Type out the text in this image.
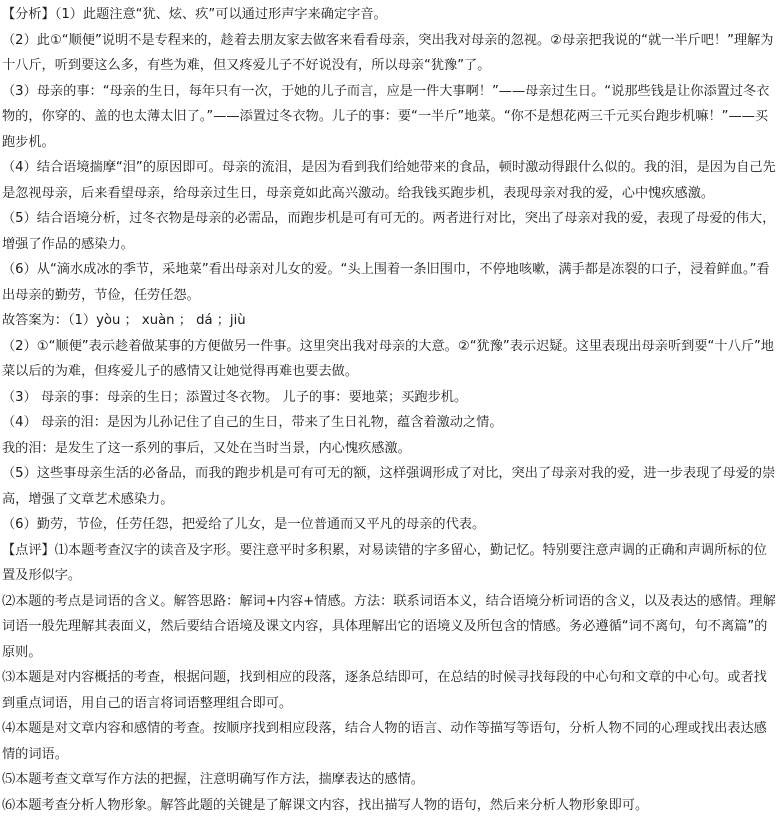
【分析】（1）此题注意“犹、炫、疚”可以通过形声字来确定字音。

（2）此①“顺便”说明不是专程来的，趁着去朋友家去做客来看看母亲，突出我对母亲的忽视。②母亲把我说的“就一半斤吧！”理解为十八斤，听到要这么多，有些为难，但又疼爱儿子不好说没有，所以母亲“犹豫”了。

（3）母亲的事：“母亲的生日，每年只有一次，于她的儿子而言，应是一件大事啊！”——母亲过生日。“说那些钱是让你添置过冬衣物的，你穿的、盖的也太薄太旧了。”——添置过冬衣物。儿子的事：要“一半斤”地菜。“你不是想花两三千元买台跑步机嘛！”——买跑步机。

（4）结合语境揣摩“泪”的原因即可。母亲的流泪，是因为看到我们给她带来的食品，顿时激动得跟什么似的。我的泪，是因为自己先是忽视母亲，后来看望母亲，给母亲过生日，母亲竟如此高兴激动。给我钱买跑步机，表现母亲对我的爱，心中愧疚感激。

（5）结合语境分析，过冬衣物是母亲的必需品，而跑步机是可有可无的。两者进行对比，突出了母亲对我的爱，表现了母爱的伟大，增强了作品的感染力。

（6）从“滴水成冰的季节，采地菜”看出母亲对儿女的爱。“头上围着一条旧围巾，不停地咳嗽，满手都是冻裂的口子，浸着鲜血。”看出母亲的勤劳，节俭，任劳任怨。

故答案为：（1）yòu ； xuàn ； dá ；jiù

（2）①“顺便”表示趁着做某事的方便做另一件事。这里突出我对母亲的大意。②“犹豫”表示迟疑。这里表现出母亲听到要“十八斤”地菜以后的为难，但疼爱儿子的感情又让她觉得再难也要去做。

（3） 母亲的事：母亲的生日；添置过冬衣物。 儿子的事：要地菜；买跑步机。

（4） 母亲的泪：是因为儿孙记住了自己的生日，带来了生日礼物，蕴含着激动之情。

我的泪：是发生了这一系列的事后，又处在当时当景，内心愧疚感激。

（5）这些事母亲生活的必备品，而我的跑步机是可有可无的额，这样强调形成了对比，突出了母亲对我的爱，进一步表现了母爱的崇高，增强了文章艺术感染力。

（6）勤劳，节俭，任劳任怨，把爱给了儿女，是一位普通而又平凡的母亲的代表。

【点评】⑴本题考查汉字的读音及字形。要注意平时多积累，对易读错的字多留心，勤记忆。特别要注意声调的正确和声调所标的位置及形似字。

⑵本题的考点是词语的含义。解答思路：解词+内容+情感。方法：联系词语本义，结合语境分析词语的含义，以及表达的感情。理解词语一般先理解其表面义，然后要结合语境及课文内容，具体理解出它的语境义及所包含的情感。务必遵循“词不离句，句不离篇”的原则。

⑶本题是对内容概括的考查，根据问题，找到相应的段落，逐条总结即可，在总结的时候寻找每段的中心句和文章的中心句。或者找到重点词语，用自己的语言将词语整理组合即可。

⑷本题是对文章内容和感情的考查。按顺序找到相应段落，结合人物的语言、动作等描写等语句，分析人物不同的心理或找出表达感情的词语。

⑸本题考查文章写作方法的把握，注意明确写作方法，揣摩表达的感情。

⑹本题考查分析人物形象。解答此题的关键是了解课文内容，找出描写人物的语句，然后来分析人物形象即可。
